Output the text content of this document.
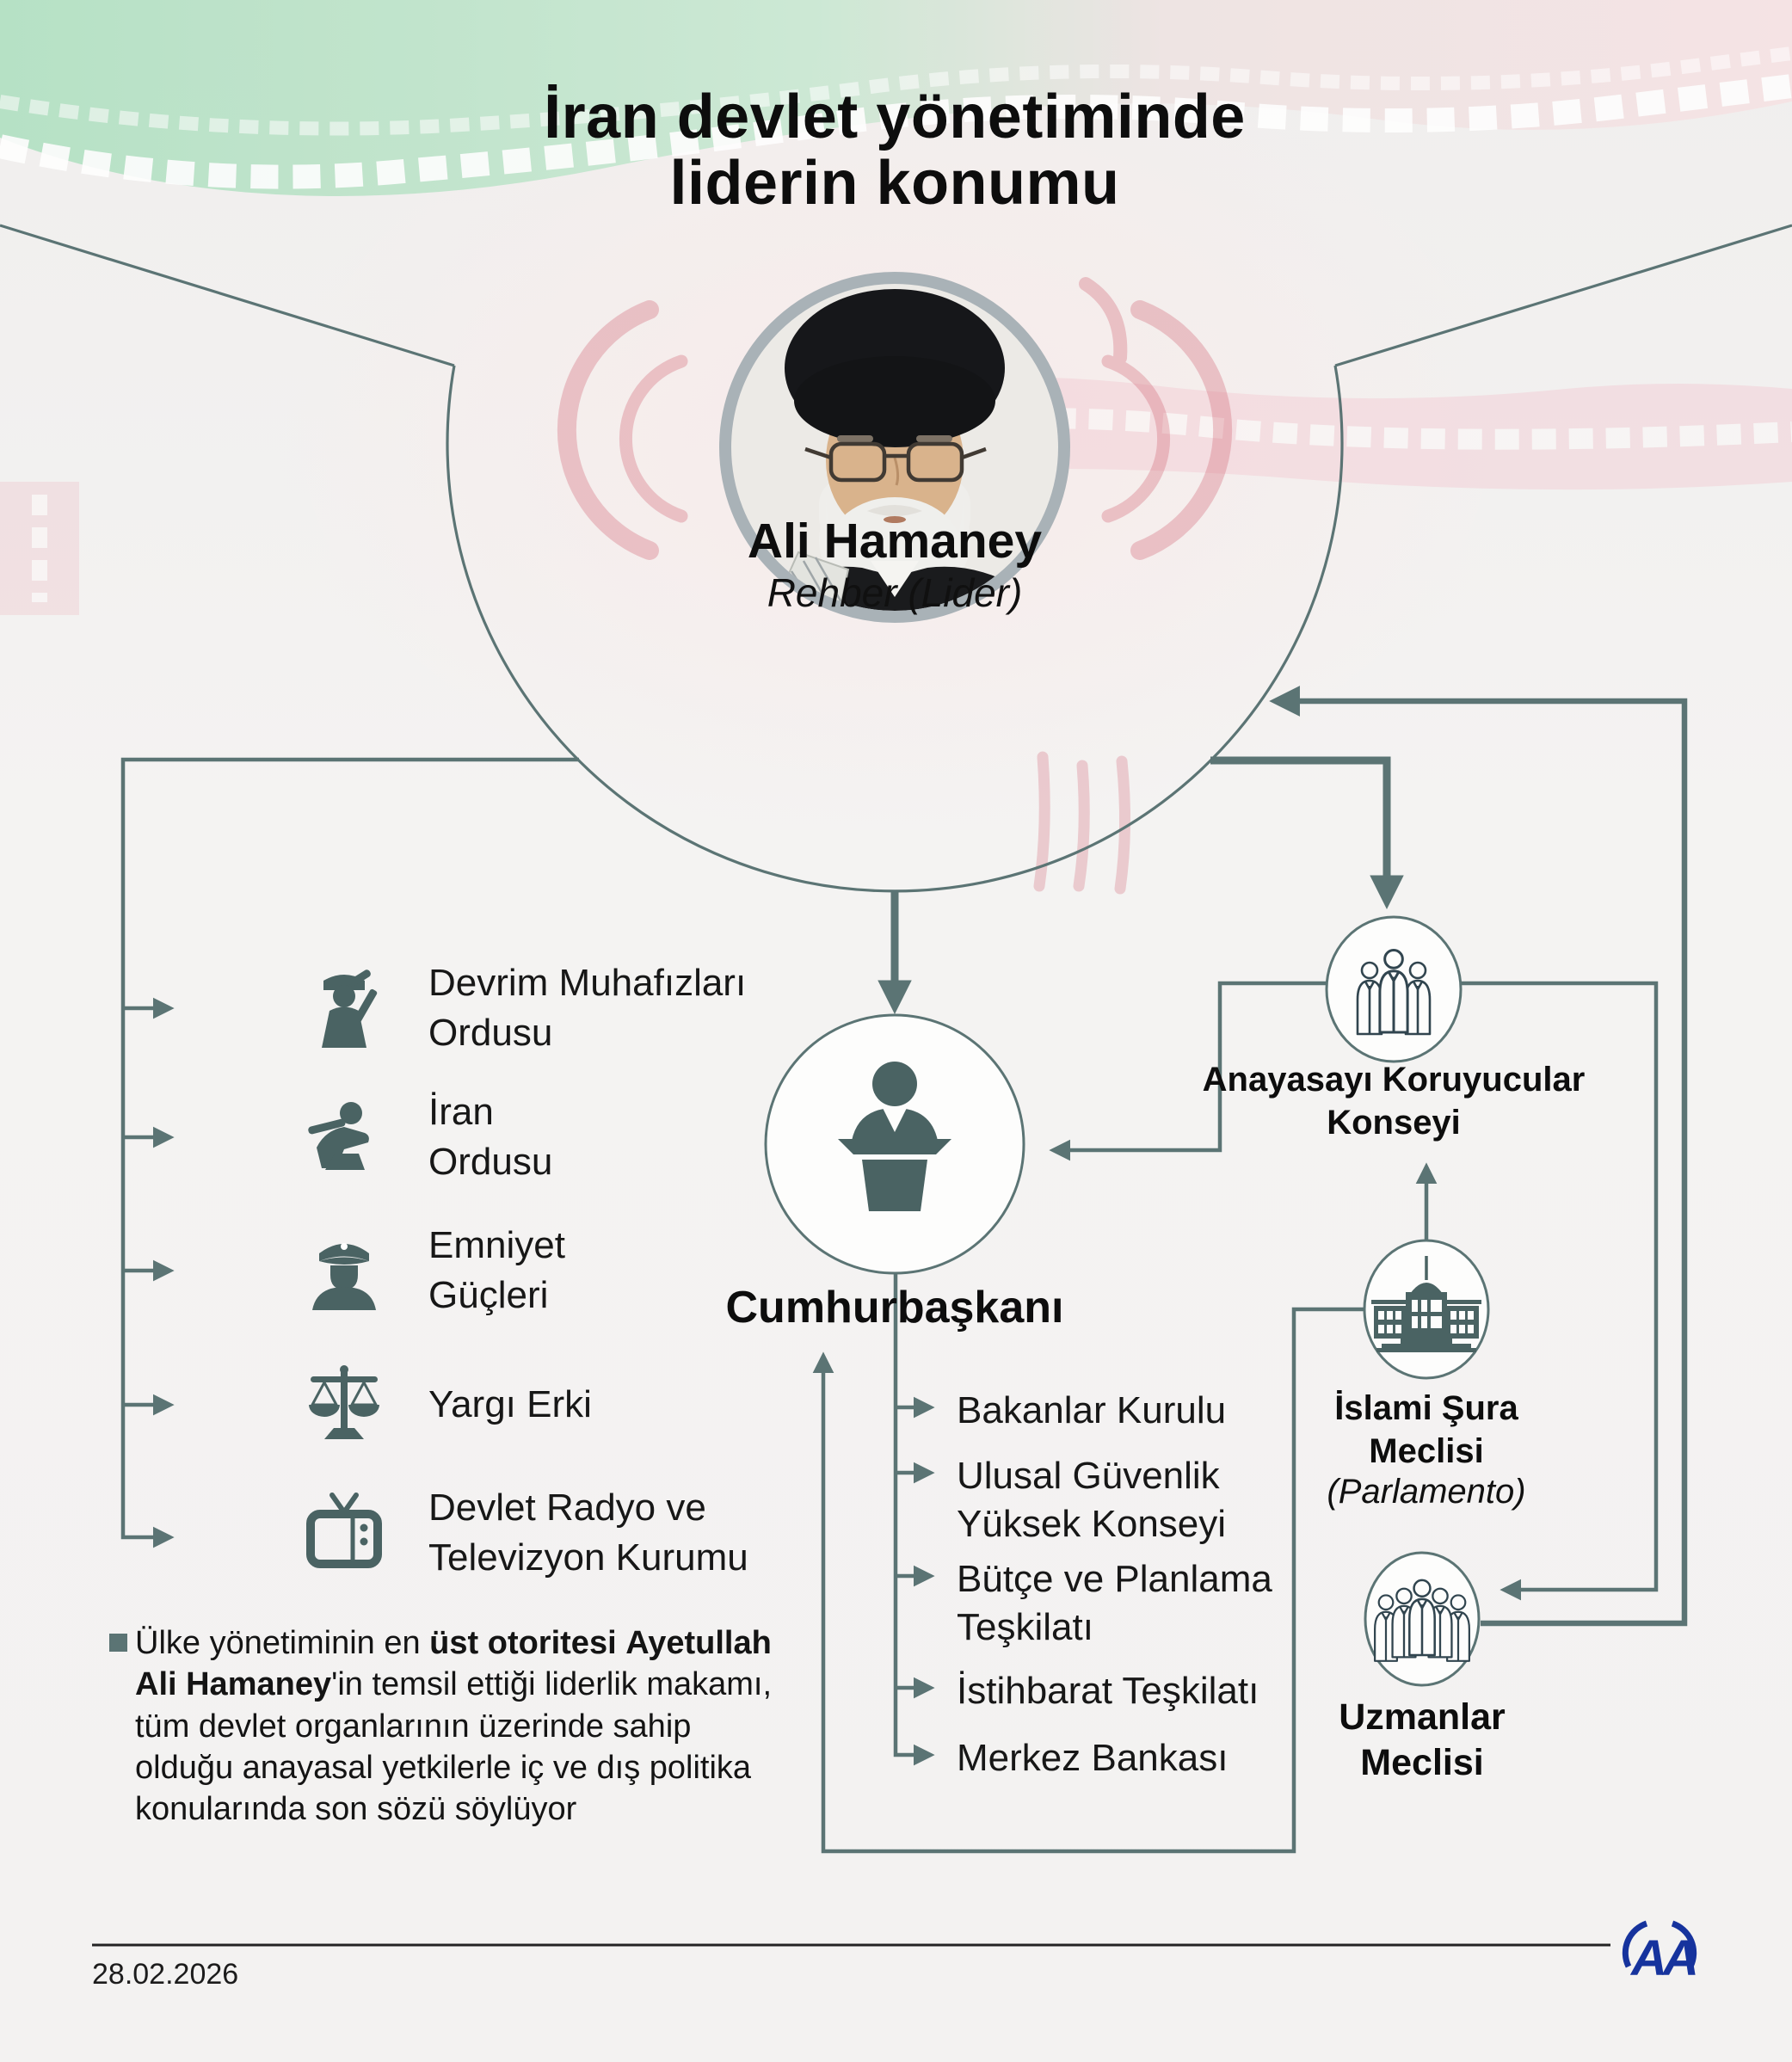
AA
İran devlet yönetiminde
liderin konumu
Ali Hamaney
Rehber (Lider)
Devrim Muhafızları
Ordusu
İran
Ordusu
Emniyet
Güçleri
Yargı Erki
Devlet Radyo ve
Televizyon Kurumu
Cumhurbaşkanı
Bakanlar Kurulu
Ulusal Güvenlik
Yüksek Konseyi
Bütçe ve Planlama
Teşkilatı
İstihbarat Teşkilatı
Merkez Bankası
Anayasayı Koruyucular
Konseyi
İslami Şura
Meclisi
(Parlamento)
Uzmanlar
Meclisi
Ülke yönetiminin en üst otoritesi Ayetullah Ali Hamaney'in temsil ettiği liderlik makamı, tüm devlet organlarının üzerinde sahip olduğu anayasal yetkilerle iç ve dış politika konularında son sözü söylüyor
28.02.2026
